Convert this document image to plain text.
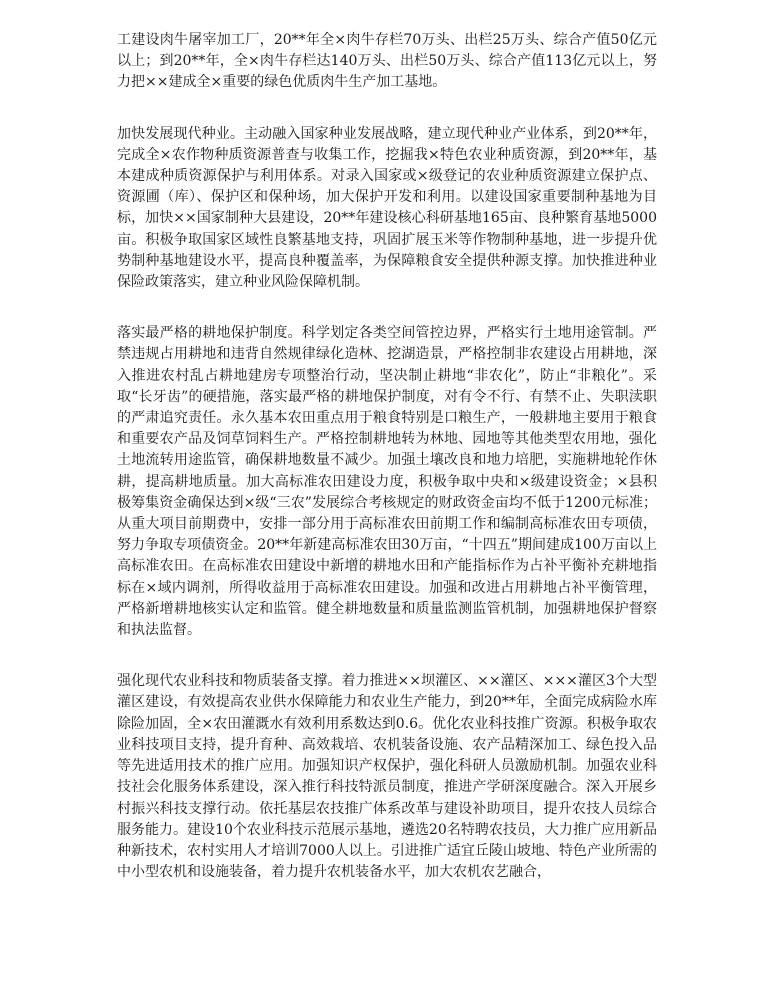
工建设肉牛屠宰加工厂，20**年全×肉牛存栏70万头、出栏25万头、综合产值50亿元以上；到20**年，全×肉牛存栏达140万头、出栏50万头、综合产值113亿元以上，努力把××建成全×重要的绿色优质肉牛生产加工基地。

加快发展现代种业。主动融入国家种业发展战略，建立现代种业产业体系，到20**年，完成全×农作物种质资源普查与收集工作，挖掘我×特色农业种质资源，到20**年，基本建成种质资源保护与利用体系。对录入国家或×级登记的农业种质资源建立保护点、资源圃（库）、保护区和保种场，加大保护开发和利用。以建设国家重要制种基地为目标，加快××国家制种大县建设，20**年建设核心科研基地165亩、良种繁育基地5000亩。积极争取国家区域性良繁基地支持，巩固扩展玉米等作物制种基地，进一步提升优势制种基地建设水平，提高良种覆盖率，为保障粮食安全提供种源支撑。加快推进种业保险政策落实，建立种业风险保障机制。

落实最严格的耕地保护制度。科学划定各类空间管控边界，严格实行土地用途管制。严禁违规占用耕地和违背自然规律绿化造林、挖湖造景，严格控制非农建设占用耕地，深入推进农村乱占耕地建房专项整治行动，坚决制止耕地“非农化”，防止“非粮化”。采取“长牙齿”的硬措施，落实最严格的耕地保护制度，对有令不行、有禁不止、失职渎职的严肃追究责任。永久基本农田重点用于粮食特别是口粮生产，一般耕地主要用于粮食和重要农产品及饲草饲料生产。严格控制耕地转为林地、园地等其他类型农用地，强化土地流转用途监管，确保耕地数量不减少。加强土壤改良和地力培肥，实施耕地轮作休耕，提高耕地质量。加大高标准农田建设力度，积极争取中央和×级建设资金；×县积极筹集资金确保达到×级“三农”发展综合考核规定的财政资金亩均不低于1200元标准；从重大项目前期费中，安排一部分用于高标准农田前期工作和编制高标准农田专项债，努力争取专项债资金。20**年新建高标准农田30万亩，“十四五”期间建成100万亩以上高标准农田。在高标准农田建设中新增的耕地水田和产能指标作为占补平衡补充耕地指标在×域内调剂，所得收益用于高标准农田建设。加强和改进占用耕地占补平衡管理，严格新增耕地核实认定和监管。健全耕地数量和质量监测监管机制，加强耕地保护督察和执法监督。

强化现代农业科技和物质装备支撑。着力推进××坝灌区、××灌区、×××灌区3个大型灌区建设，有效提高农业供水保障能力和农业生产能力，到20**年，全面完成病险水库除险加固，全×农田灌溉水有效利用系数达到0.6。优化农业科技推广资源。积极争取农业科技项目支持，提升育种、高效栽培、农机装备设施、农产品精深加工、绿色投入品等先进适用技术的推广应用。加强知识产权保护，强化科研人员激励机制。加强农业科技社会化服务体系建设，深入推行科技特派员制度，推进产学研深度融合。深入开展乡村振兴科技支撑行动。依托基层农技推广体系改革与建设补助项目，提升农技人员综合服务能力。建设10个农业科技示范展示基地，遴选20名特聘农技员，大力推广应用新品种新技术，农村实用人才培训7000人以上。引进推广适宜丘陵山坡地、特色产业所需的中小型农机和设施装备，着力提升农机装备水平，加大农机农艺融合，
